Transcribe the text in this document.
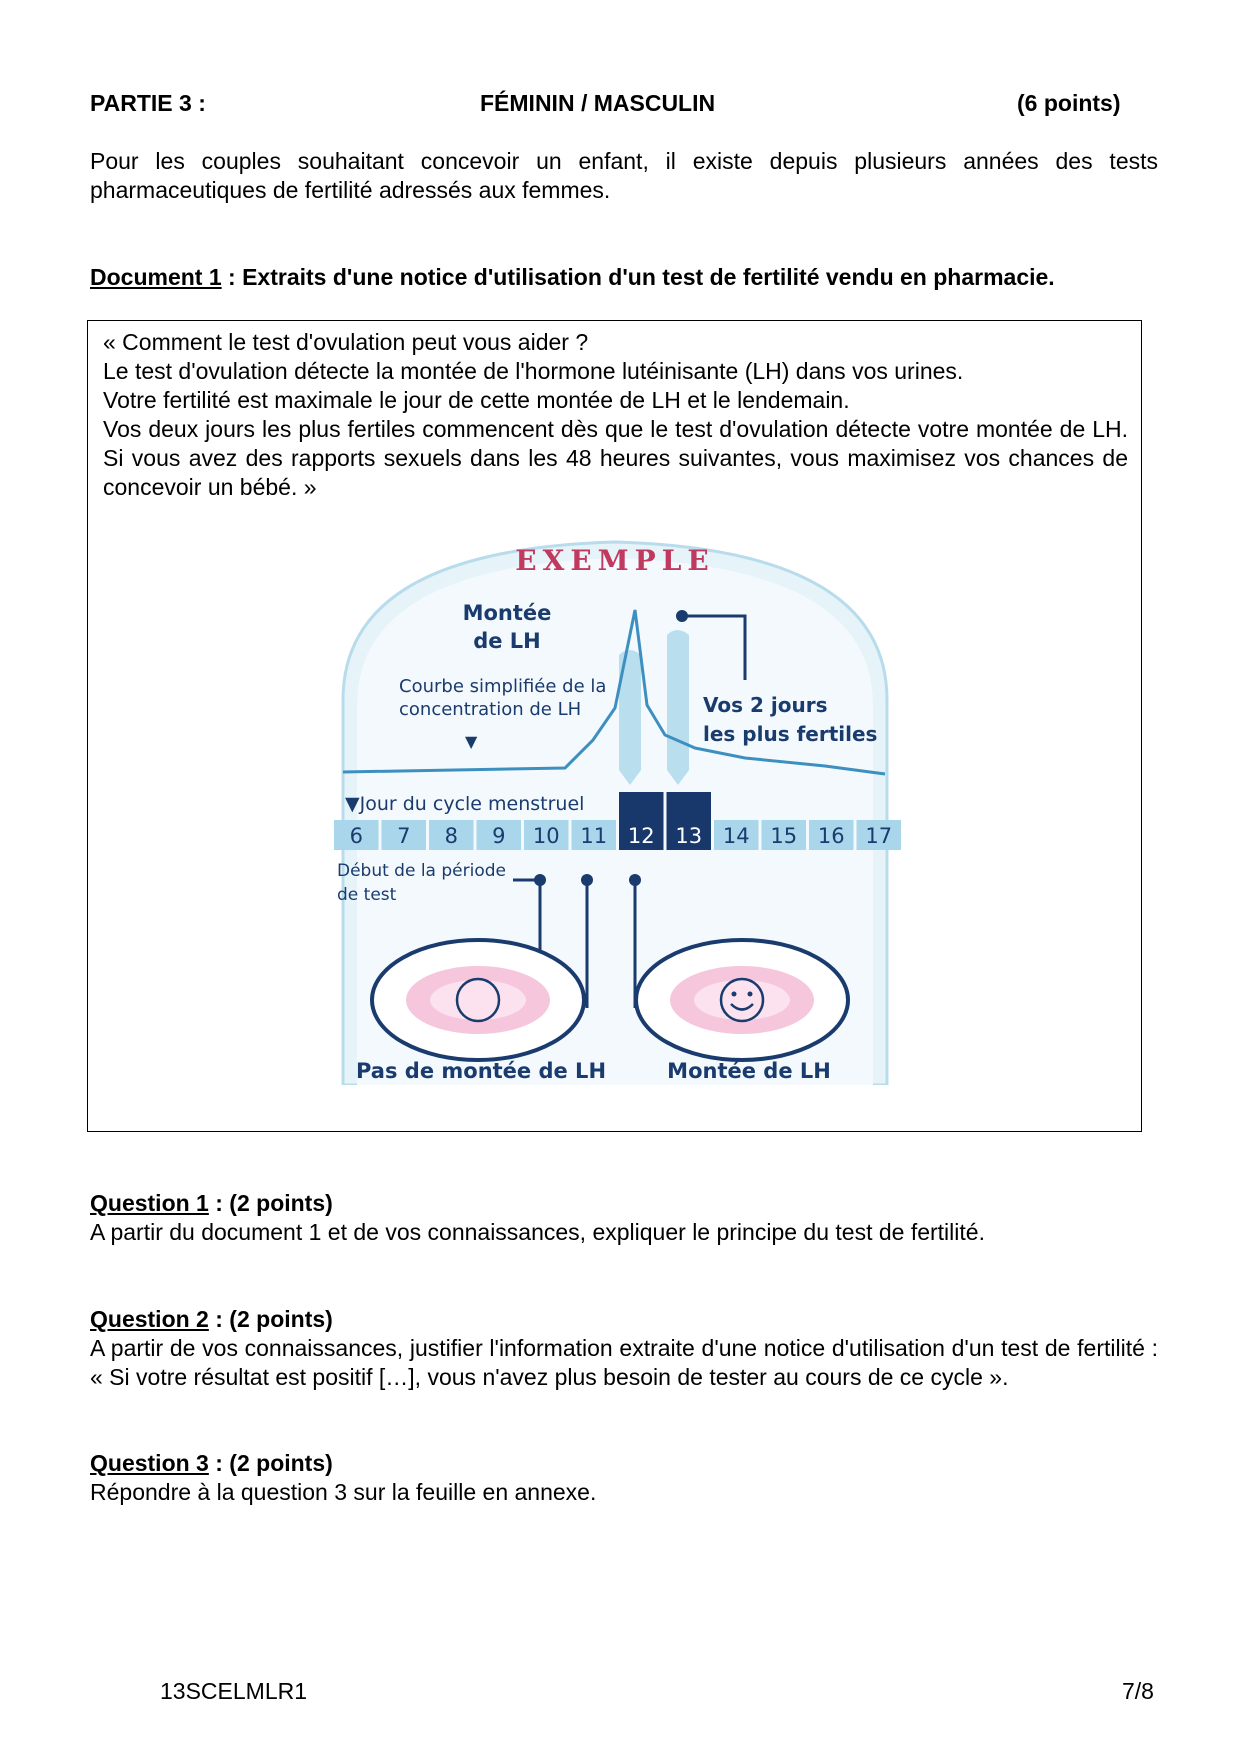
PARTIE 3 :	FÉMININ / MASCULIN	(6 points)
Pour les couples souhaitant concevoir un enfant, il existe depuis plusieurs années des tests pharmaceutiques de fertilité adressés aux femmes.
Document 1 : Extraits d'une notice d'utilisation d'un test de fertilité vendu en pharmacie.
« Comment le test d'ovulation peut vous aider ?
Le test d'ovulation détecte la montée de l'hormone lutéinisante (LH) dans vos urines.
Votre fertilité est maximale le jour de cette montée de LH et le lendemain.
Vos deux jours les plus fertiles commencent dès que le test d'ovulation détecte votre montée de LH. Si vous avez des rapports sexuels dans les 48 heures suivantes, vous maximisez vos chances de concevoir un bébé. »
EXEMPLE
Montée
de LH
Courbe simplifiée de la
concentration de LH
▼
Vos 2 jours
les plus fertiles
▼Jour du cycle menstruel
6 7 8 9 10 11 12 13 14 15 16 17
Début de la période
de test
Pas de montée de LH	Montée de LH
Question 1 : (2 points)
A partir du document 1 et de vos connaissances, expliquer le principe du test de fertilité.
Question 2 : (2 points)
A partir de vos connaissances, justifier l'information extraite d'une notice d'utilisation d'un test de fertilité : « Si votre résultat est positif […], vous n'avez plus besoin de tester au cours de ce cycle ».
Question 3 : (2 points)
Répondre à la question 3 sur la feuille en annexe.
13SCELMLR1	7/8
